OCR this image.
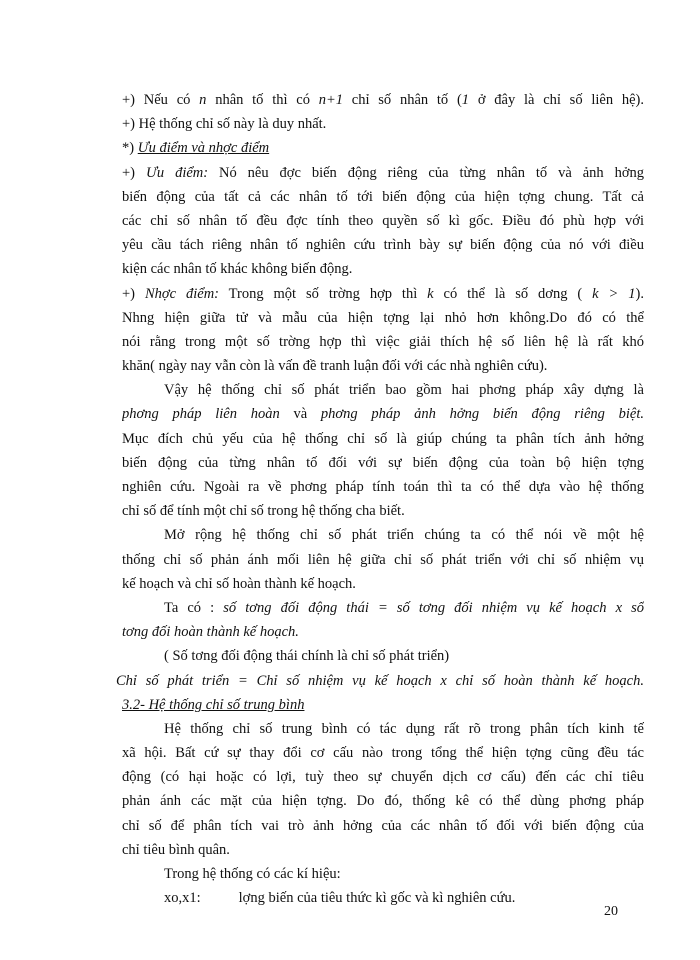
+) Nếu có n nhân tố thì có n+1 chỉ số nhân tố (1 ở đây là chỉ số liên hệ).
+) Hệ thống chỉ số này là duy nhất.
*) Ưu điểm và nhợc điểm
+) Ưu điểm: Nó nêu đợc biến động riêng của từng nhân tố và ảnh hởng
biến động của tất cả các nhân tố tới biến động của hiện tợng chung. Tất cả
các chỉ số nhân tố đều đợc tính theo quyền số kì gốc. Điều đó phù hợp với
yêu cầu tách riêng nhân tố nghiên cứu trình bày sự biến động của nó với điều
kiện các nhân tố khác không biến động.
+) Nhợc điểm: Trong một số trờng hợp thì k có thể là số dơng ( k > 1).
Nhng hiện giữa tử và mẫu của hiện tợng lại nhỏ hơn không.Do đó có thể
nói rằng trong một số trờng hợp thì việc giải thích hệ số liên hệ là rất khó
khăn( ngày nay vẫn còn là vấn đề tranh luận đối với các nhà nghiên cứu).
Vậy hệ thống chỉ số phát triển bao gồm hai phơng pháp xây dựng là
phơng pháp liên hoàn và phơng pháp ảnh hởng biến động riêng biệt.
Mục đích chủ yếu của hệ thống chỉ số là giúp chúng ta phân tích ảnh hởng
biến động của từng nhân tố đối với sự biến động của toàn bộ hiện tợng
nghiên cứu. Ngoài ra về phơng pháp tính toán thì ta có thể dựa vào hệ thống
chỉ số để tính một chỉ số trong hệ thống cha biết.
Mở rộng hệ thống chỉ số phát triển chúng ta có thể nói về một hệ
thống chỉ số phản ánh mối liên hệ giữa chỉ số phát triển với chỉ số nhiệm vụ
kế hoạch và chỉ số hoàn thành kế hoạch.
Ta có : số tơng đối động thái = số tơng đối nhiệm vụ kế hoạch x số
tơng đối hoàn thành kế hoạch.
( Số tơng đối động thái chính là chỉ số phát triển)
Chỉ số phát triển = Chỉ số nhiệm vụ kế hoạch x chỉ số hoàn thành kế hoạch.
3.2- Hệ thống chỉ số trung bình
Hệ thống chỉ số trung bình có tác dụng rất rõ trong phân tích kinh tế
xã hội. Bất cứ sự thay đổi cơ cấu nào trong tổng thể hiện tợng cũng đều tác
động (có hại hoặc có lợi, tuỳ theo sự chuyển dịch cơ cấu) đến các chỉ tiêu
phản ánh các mặt của hiện tợng. Do đó, thống kê có thể dùng phơng pháp
chỉ số để phân tích vai trò ảnh hởng của các nhân tố đối với biến động của
chỉ tiêu bình quân.
Trong hệ thống có các kí hiệu:
xo,x1:	lợng biến của tiêu thức kì gốc và kì nghiên cứu.
20
